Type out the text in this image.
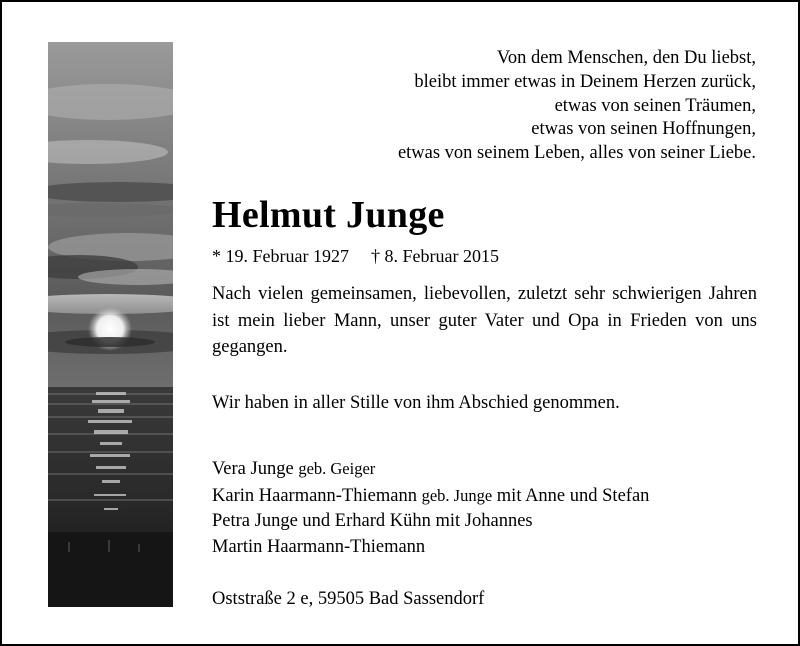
Von dem Menschen, den Du liebst,
bleibt immer etwas in Deinem Herzen zurück,
etwas von seinen Träumen,
etwas von seinen Hoffnungen,
etwas von seinem Leben, alles von seiner Liebe.
Helmut Junge
* 19. Februar 1927 † 8. Februar 2015
Nach vielen gemeinsamen, liebevollen, zuletzt sehr schwierigen Jahren ist mein lieber Mann, unser guter Vater und Opa in Frieden von uns gegangen.
Wir haben in aller Stille von ihm Abschied genommen.
Vera Junge geb. Geiger
Karin Haarmann-Thiemann geb. Junge mit Anne und Stefan
Petra Junge und Erhard Kühn mit Johannes
Martin Haarmann-Thiemann
Oststraße 2 e, 59505 Bad Sassendorf
